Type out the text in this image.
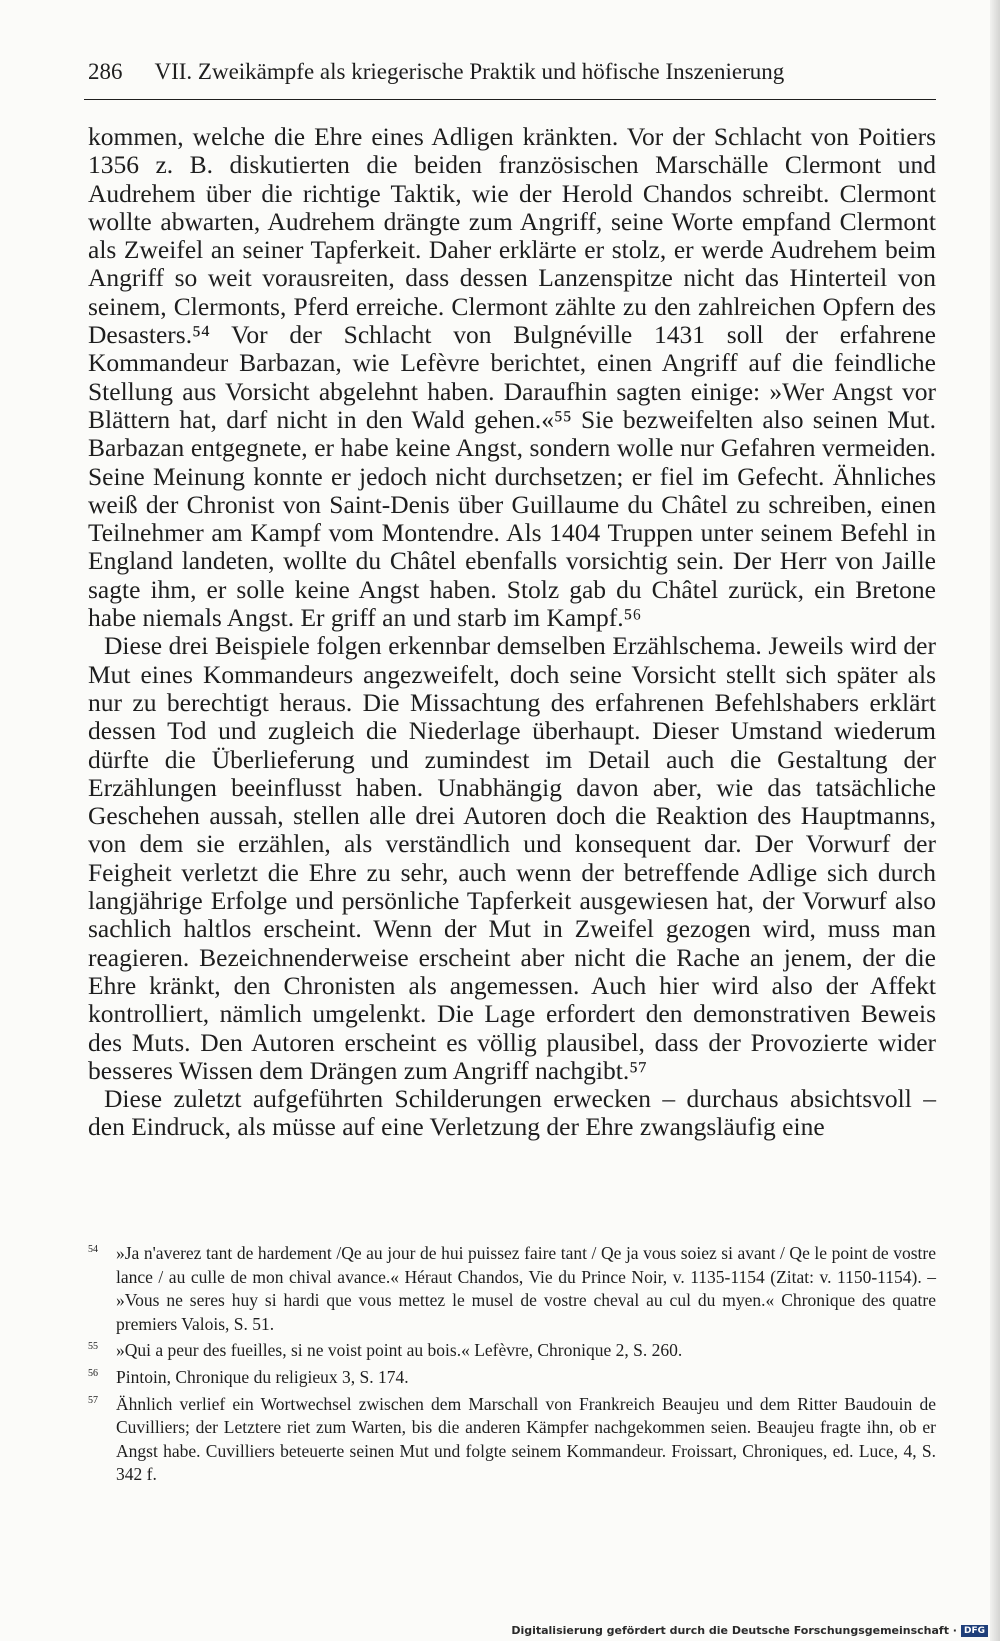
286 VII. Zweikämpfe als kriegerische Praktik und höfische Inszenierung

kommen, welche die Ehre eines Adligen kränkten. Vor der Schlacht von Poitiers 1356 z. B. diskutierten die beiden französischen Marschälle Clermont und Audrehem über die richtige Taktik, wie der Herold Chandos schreibt. Clermont wollte abwarten, Audrehem drängte zum Angriff, seine Worte empfand Clermont als Zweifel an seiner Tapferkeit. Daher erklärte er stolz, er werde Audrehem beim Angriff so weit vorausreiten, dass dessen Lanzenspitze nicht das Hinterteil von seinem, Clermonts, Pferd erreiche. Clermont zählte zu den zahlreichen Opfern des Desasters.⁵⁴ Vor der Schlacht von Bulgnéville 1431 soll der erfahrene Kommandeur Barbazan, wie Lefèvre berichtet, einen Angriff auf die feindliche Stellung aus Vorsicht abgelehnt haben. Daraufhin sagten einige: »Wer Angst vor Blättern hat, darf nicht in den Wald gehen.«⁵⁵ Sie bezweifelten also seinen Mut. Barbazan entgegnete, er habe keine Angst, sondern wolle nur Gefahren vermeiden. Seine Meinung konnte er jedoch nicht durchsetzen; er fiel im Gefecht. Ähnliches weiß der Chronist von Saint-Denis über Guillaume du Châtel zu schreiben, einen Teilnehmer am Kampf vom Montendre. Als 1404 Truppen unter seinem Befehl in England landeten, wollte du Châtel ebenfalls vorsichtig sein. Der Herr von Jaille sagte ihm, er solle keine Angst haben. Stolz gab du Châtel zurück, ein Bretone habe niemals Angst. Er griff an und starb im Kampf.⁵⁶

Diese drei Beispiele folgen erkennbar demselben Erzählschema. Jeweils wird der Mut eines Kommandeurs angezweifelt, doch seine Vorsicht stellt sich später als nur zu berechtigt heraus. Die Missachtung des erfahrenen Befehlshabers erklärt dessen Tod und zugleich die Niederlage überhaupt. Dieser Umstand wiederum dürfte die Überlieferung und zumindest im Detail auch die Gestaltung der Erzählungen beeinflusst haben. Unabhängig davon aber, wie das tatsächliche Geschehen aussah, stellen alle drei Autoren doch die Reaktion des Hauptmanns, von dem sie erzählen, als verständlich und konsequent dar. Der Vorwurf der Feigheit verletzt die Ehre zu sehr, auch wenn der betreffende Adlige sich durch langjährige Erfolge und persönliche Tapferkeit ausgewiesen hat, der Vorwurf also sachlich haltlos erscheint. Wenn der Mut in Zweifel gezogen wird, muss man reagieren. Bezeichnenderweise erscheint aber nicht die Rache an jenem, der die Ehre kränkt, den Chronisten als angemessen. Auch hier wird also der Affekt kontrolliert, nämlich umgelenkt. Die Lage erfordert den demonstrativen Beweis des Muts. Den Autoren erscheint es völlig plausibel, dass der Provozierte wider besseres Wissen dem Drängen zum Angriff nachgibt.⁵⁷

Diese zuletzt aufgeführten Schilderungen erwecken – durchaus absichtsvoll – den Eindruck, als müsse auf eine Verletzung der Ehre zwangsläufig eine

54	»Ja n'averez tant de hardement /Qe au jour de hui puissez faire tant / Qe ja vous soiez si avant / Qe le point de vostre lance / au culle de mon chival avance.« Héraut Chandos, Vie du Prince Noir, v. 1135-1154 (Zitat: v. 1150-1154). – »Vous ne seres huy si hardi que vous mettez le musel de vostre cheval au cul du myen.« Chronique des quatre premiers Valois, S. 51.
55	»Qui a peur des fueilles, si ne voist point au bois.« Lefèvre, Chronique 2, S. 260.
56	Pintoin, Chronique du religieux 3, S. 174.
57	Ähnlich verlief ein Wortwechsel zwischen dem Marschall von Frankreich Beaujeu und dem Ritter Baudouin de Cuvilliers; der Letztere riet zum Warten, bis die anderen Kämpfer nachgekommen seien. Beaujeu fragte ihn, ob er Angst habe. Cuvilliers beteuerte seinen Mut und folgte seinem Kommandeur. Froissart, Chroniques, ed. Luce, 4, S. 342 f.
Digitalisierung gefördert durch die Deutsche Forschungsgemeinschaft · DFG
